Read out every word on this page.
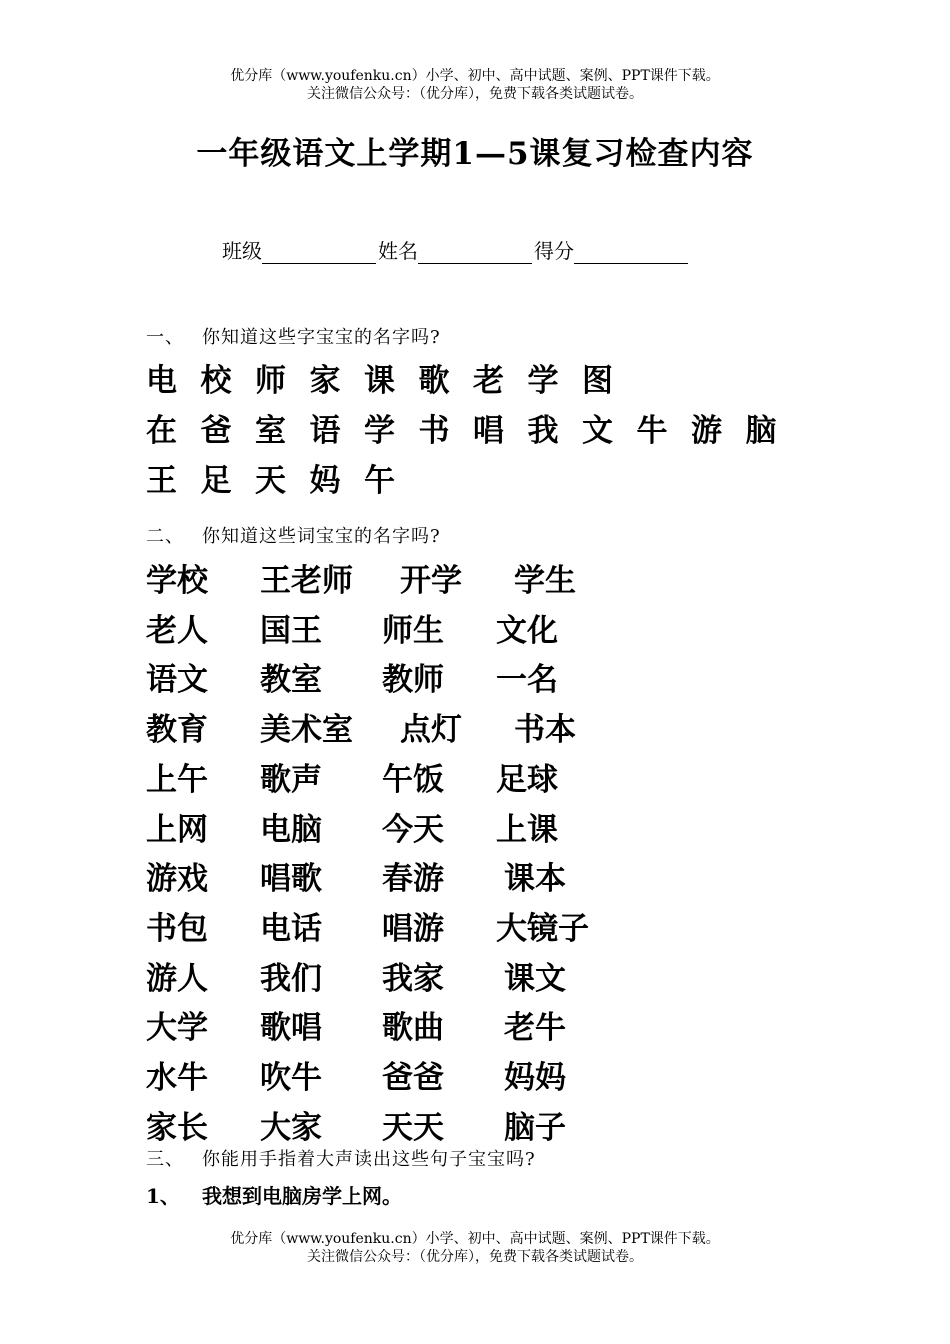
优分库（www.youfenku.cn）小学、初中、高中试题、案例、PPT课件下载。
关注微信公众号：（优分库），免费下载各类试题试卷。
一年级语文上学期1—5课复习检查内容
班级	姓名	得分
一、 你知道这些字宝宝的名字吗?
电 校 师 家 课 歌 老 学 图
在 爸 室 语 学 书 唱 我 文 牛 游 脑
王 足 天 妈 午
二、 你知道这些词宝宝的名字吗?
学校 王老师 开学 学生
老人 国王 师生 文化
语文 教室 教师 一名
教育 美术室 点灯 书本
上午 歌声 午饭 足球
上网 电脑 今天 上课
游戏 唱歌 春游 课本
书包 电话 唱游 大镜子
游人 我们 我家 课文
大学 歌唱 歌曲 老牛
水牛 吹牛 爸爸 妈妈
家长 大家 天天 脑子
三、 你能用手指着大声读出这些句子宝宝吗?
1、 我想到电脑房学上网。
优分库（www.youfenku.cn）小学、初中、高中试题、案例、PPT课件下载。
关注微信公众号：（优分库），免费下载各类试题试卷。
